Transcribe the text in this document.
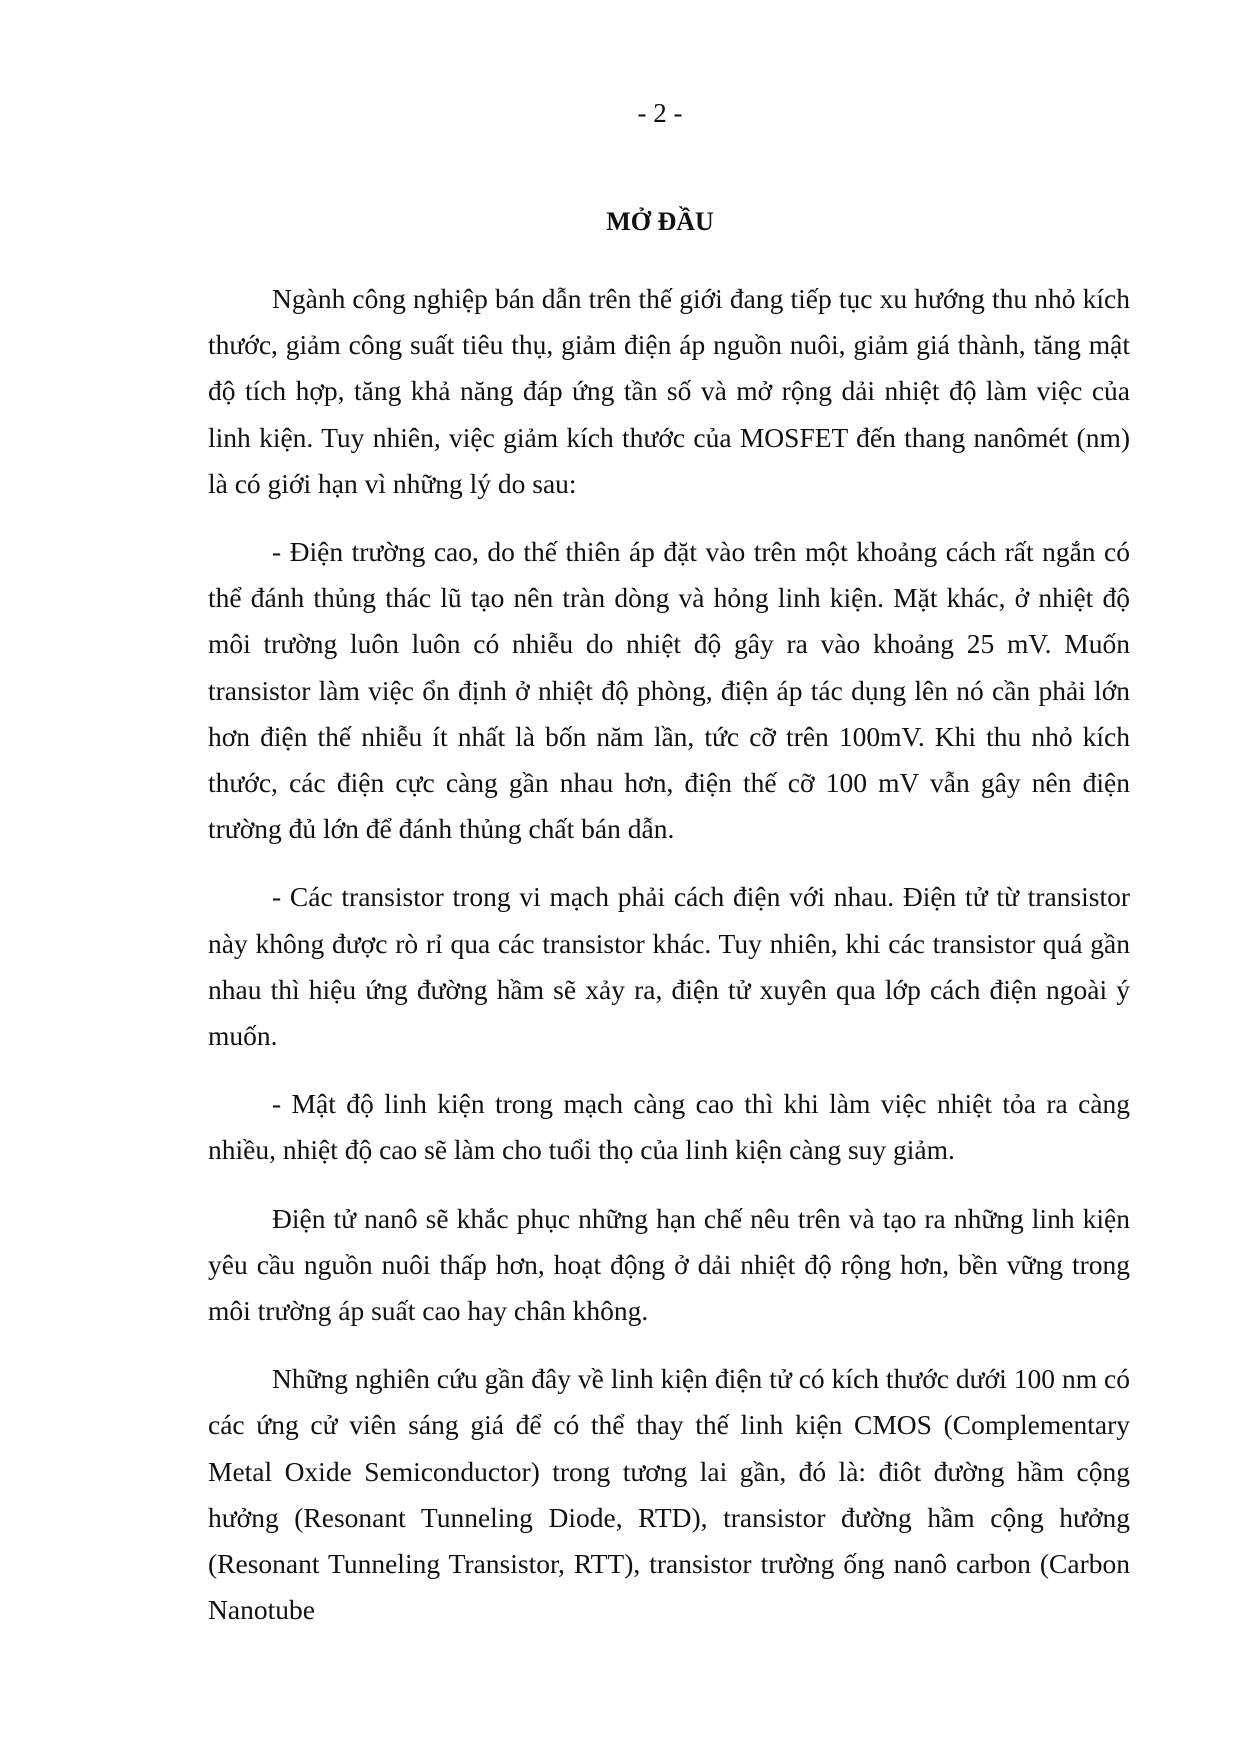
- 2 -
MỞ ĐẦU

Ngành công nghiệp bán dẫn trên thế giới đang tiếp tục xu hướng thu nhỏ kích thước, giảm công suất tiêu thụ, giảm điện áp nguồn nuôi, giảm giá thành, tăng mật độ tích hợp, tăng khả năng đáp ứng tần số và mở rộng dải nhiệt độ làm việc của linh kiện. Tuy nhiên, việc giảm kích thước của MOSFET đến thang nanômét (nm) là có giới hạn vì những lý do sau:

- Điện trường cao, do thế thiên áp đặt vào trên một khoảng cách rất ngắn có thể đánh thủng thác lũ tạo nên tràn dòng và hỏng linh kiện. Mặt khác, ở nhiệt độ môi trường luôn luôn có nhiễu do nhiệt độ gây ra vào khoảng 25 mV. Muốn transistor làm việc ổn định ở nhiệt độ phòng, điện áp tác dụng lên nó cần phải lớn hơn điện thế nhiễu ít nhất là bốn năm lần, tức cỡ trên 100mV. Khi thu nhỏ kích thước, các điện cực càng gần nhau hơn, điện thế cỡ 100 mV vẫn gây nên điện trường đủ lớn để đánh thủng chất bán dẫn.

- Các transistor trong vi mạch phải cách điện với nhau. Điện tử từ transistor này không được rò rỉ qua các transistor khác. Tuy nhiên, khi các transistor quá gần nhau thì hiệu ứng đường hầm sẽ xảy ra, điện tử xuyên qua lớp cách điện ngoài ý muốn.

- Mật độ linh kiện trong mạch càng cao thì khi làm việc nhiệt tỏa ra càng nhiều, nhiệt độ cao sẽ làm cho tuổi thọ của linh kiện càng suy giảm.

Điện tử nanô sẽ khắc phục những hạn chế nêu trên và tạo ra những linh kiện yêu cầu nguồn nuôi thấp hơn, hoạt động ở dải nhiệt độ rộng hơn, bền vững trong môi trường áp suất cao hay chân không.

Những nghiên cứu gần đây về linh kiện điện tử có kích thước dưới 100 nm có các ứng cử viên sáng giá để có thể thay thế linh kiện CMOS (Complementary Metal Oxide Semiconductor) trong tương lai gần, đó là: điôt đường hầm cộng hưởng (Resonant Tunneling Diode, RTD), transistor đường hầm cộng hưởng (Resonant Tunneling Transistor, RTT), transistor trường ống nanô carbon (Carbon Nanotube
